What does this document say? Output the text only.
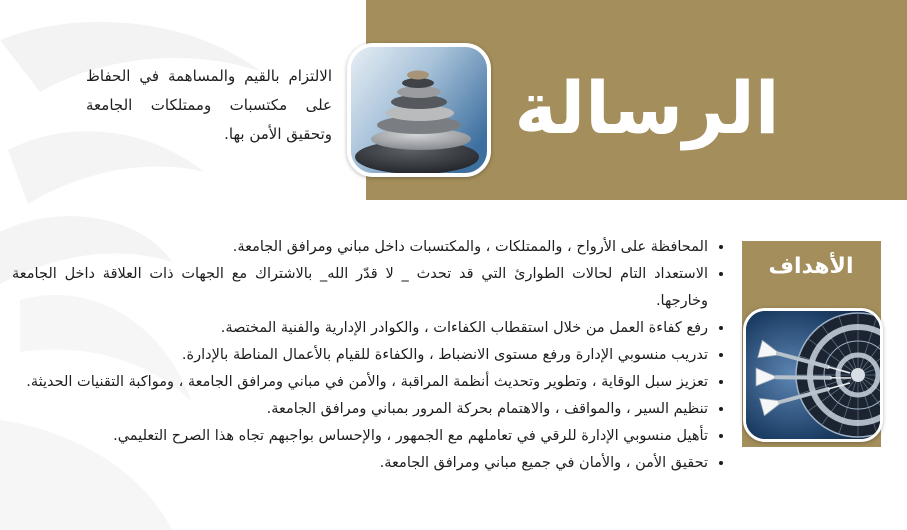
الرسالة
الالتزام بالقيم والمساهمة في الحفاظ على مكتسبات وممتلكات الجامعة وتحقيق الأمن بها.
الأهداف
• المحافظة على الأرواح ، والممتلكات ، والمكتسبات داخل مباني ومرافق الجامعة.
• الاستعداد التام لحالات الطوارئ التي قد تحدث _ لا قدّر الله_ بالاشتراك مع الجهات ذات العلاقة داخل الجامعة وخارجها.
• رفع كفاءة العمل من خلال استقطاب الكفاءات ، والكوادر الإدارية والفنية المختصة.
• تدريب منسوبي الإدارة ورفع مستوى الانضباط ، والكفاءة للقيام بالأعمال المناطة بالإدارة.
• تعزيز سبل الوقاية ، وتطوير وتحديث أنظمة المراقبة ، والأمن في مباني ومرافق الجامعة ، ومواكبة التقنيات الحديثة.
• تنظيم السير ، والمواقف ، والاهتمام بحركة المرور بمباني ومرافق الجامعة.
• تأهيل منسوبي الإدارة للرقي في تعاملهم مع الجمهور ، والإحساس بواجبهم تجاه هذا الصرح التعليمي.
• تحقيق الأمن ، والأمان في جميع مباني ومرافق الجامعة.
